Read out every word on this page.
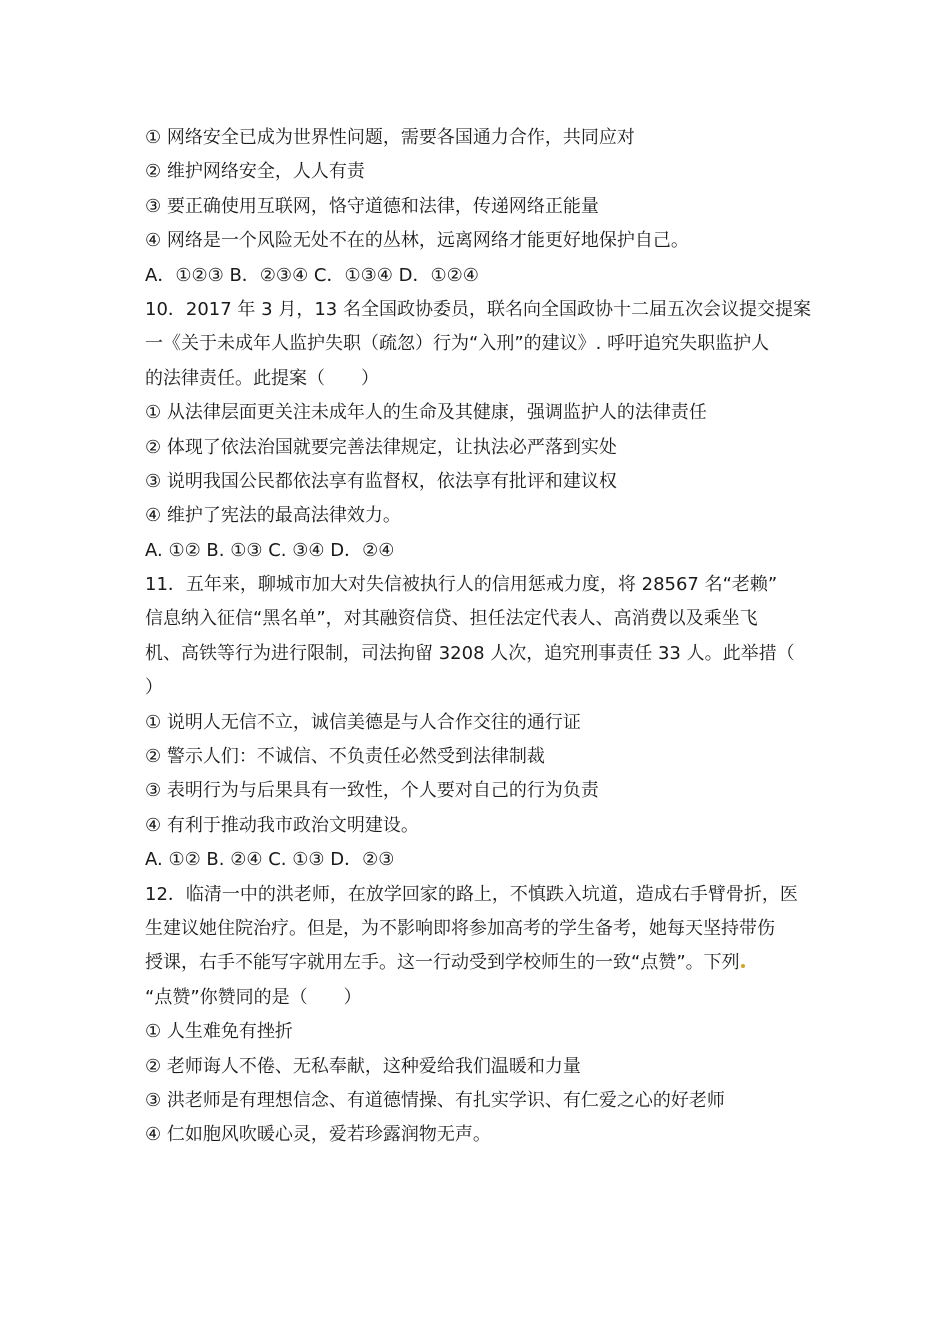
① 网络安全已成为世界性问题，需要各国通力合作，共同应对
② 维护网络安全，人人有责
③ 要正确使用互联网，恪守道德和法律，传递网络正能量
④ 网络是一个风险无处不在的丛林，远离网络才能更好地保护自己。
A．①②③ B．②③④ C．①③④ D．①②④
10．2017 年 3 月，13 名全国政协委员，联名向全国政协十二届五次会议提交提案
一《关于未成年人监护失职（疏忽）行为“入刑”的建议》. 呼吁追究失职监护人
的法律责任。此提案（　　）
① 从法律层面更关注未成年人的生命及其健康，强调监护人的法律责任
② 体现了依法治国就要完善法律规定，让执法必严落到实处
③ 说明我国公民都依法享有监督权，依法享有批评和建议权
④ 维护了宪法的最高法律效力。
A. ①② B. ①③ C. ③④ D．②④
11．五年来，聊城市加大对失信被执行人的信用惩戒力度，将 28567 名“老赖”
信息纳入征信“黑名单”，对其融资信贷、担任法定代表人、高消费以及乘坐飞
机、高铁等行为进行限制，司法拘留 3208 人次，追究刑事责任 33 人。此举措（
）
① 说明人无信不立，诚信美德是与人合作交往的通行证
② 警示人们：不诚信、不负责任必然受到法律制裁
③ 表明行为与后果具有一致性，个人要对自己的行为负责
④ 有利于推动我市政治文明建设。
A. ①② B. ②④ C. ①③ D．②③
12．临清一中的洪老师，在放学回家的路上，不慎跌入坑道，造成右手臂骨折，医
生建议她住院治疗。但是，为不影响即将参加高考的学生备考，她每天坚持带伤
授课，右手不能写字就用左手。这一行动受到学校师生的一致“点赞”。下列
“点赞”你赞同的是（　　）
① 人生难免有挫折
② 老师诲人不倦、无私奉献，这种爱给我们温暖和力量
③ 洪老师是有理想信念、有道德情操、有扎实学识、有仁爱之心的好老师
④ 仁如胞风吹暖心灵，爱若珍露润物无声。
